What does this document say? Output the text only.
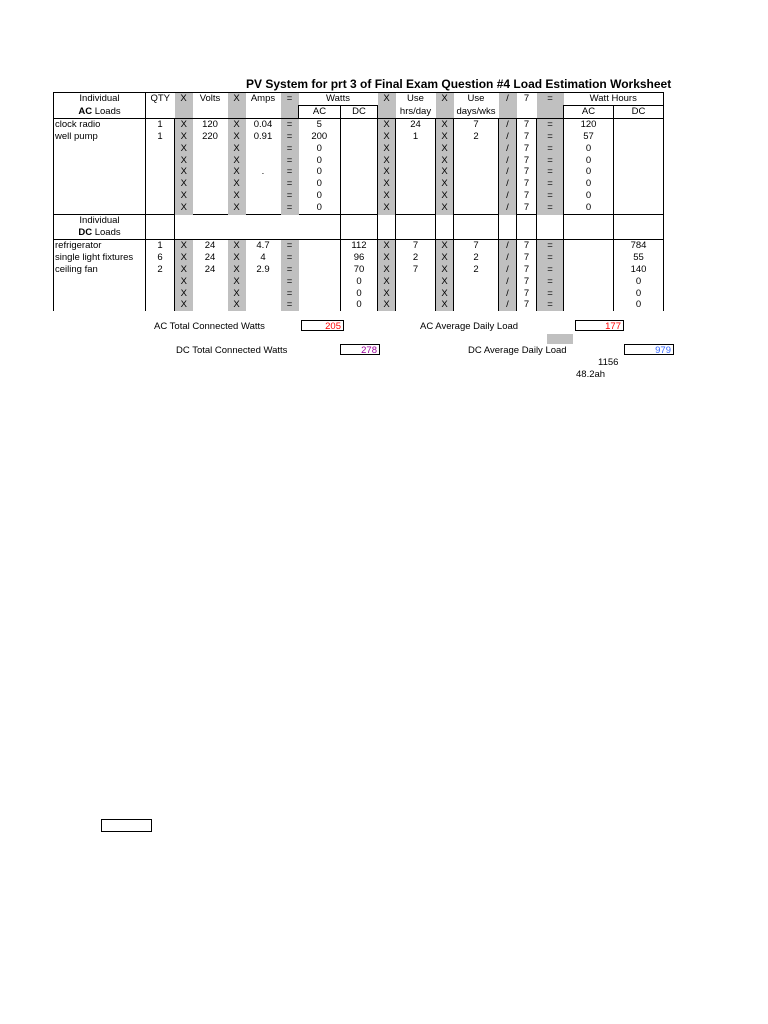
PV System for prt 3 of Final Exam Question #4 Load Estimation Worksheet
Individual	QTY	X	Volts	X	Amps	=	Watts		X	Use	X	Use	/	7	=	Watt Hours	
AC Loads							AC	DC		hrs/day		days/wks				AC	DC
clock radio	1	X	120	X	0.04	=	5		X	24	X	7	/	7	=	120	
well pump	1	X	220	X	0.91	=	200		X	1	X	2	/	7	=	57	
		X		X		=	0		X		X		/	7	=	0	
		X		X		=	0		X		X		/	7	=	0	
		X		X	.	=	0		X		X		/	7	=	0	
		X		X		=	0		X		X		/	7	=	0	
		X		X		=	0		X		X		/	7	=	0	
		X		X		=	0		X		X		/	7	=	0	
Individual																	
DC Loads																	
refrigerator	1	X	24	X	4.7	=		112	X	7	X	7	/	7	=		784
single light fixtures	6	X	24	X	4	=		96	X	2	X	2	/	7	=		55
ceiling fan	2	X	24	X	2.9	=		70	X	7	X	2	/	7	=		140
		X		X		=		0	X		X		/	7	=		0
		X		X		=		0	X		X		/	7	=		0
		X		X		=		0	X		X		/	7	=		0
AC Total Connected Watts	205	AC Average Daily Load	177
DC Total Connected Watts	278	DC Average Daily Load	979
1156
48.2ah
